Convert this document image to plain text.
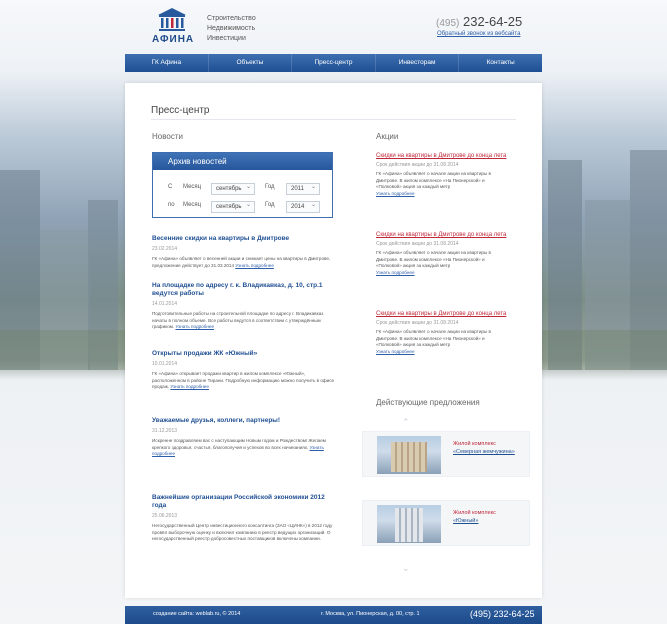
АФИНА
Строительство
Недвижимость
Инвестиции
(495) 232-64-25
Обратный звонок из вебсайта
ГК Афина	Объекты	Пресс-центр	Инвесторам	Контакты
Пресс-центр
Новости	Акции
Архив новостей
С Месяц	сентябрь ⌄	Год	2011 ⌄
по Месяц	сентябрь ⌄	Год	2014 ⌄
Весенние скидки на квартиры в Дмитрове
23.02.2014
ГК «Афина» объявляет о весенней акции и снижает цены на квартиры в Дмитрове, предложение действует до 31.03.2014 Узнать подробнее
На площадке по адресу г. к. Владикавказ, д. 10, стр.1 ведутся работы
14.01.2014
Подготовительные работы на строительной площадке по адресу г. Владикавказ начаты в полном объеме. Все работы ведутся в соответствии с утверждённым графиком. Узнать подробнее
Открыты продажи ЖК «Южный»
10.01.2014
ГК «Афина» открывает продажи квартир в жилом комплексе «Южный», расположенном в районе Тирани. Подробную информацию можно получить в офисе продаж. Узнать подробнее
Уважаемые друзья, коллеги, партнеры!
31.12.2013
Искренне поздравляем вас с наступающим Новым годом и Рождеством! Желаем крепкого здоровья, счастья, благополучия и успехов во всех начинаниях. Узнать подробнее
Важнейшие организации Российской экономики 2012 года
25.06.2013
Негосударственный Центр инвестиционного консалтинга (ЗАО «ЦИНК») в 2012 году провёл выборочную оценку и включил компанию в реестр ведущих организаций. О негосударственный реестр добросовестных поставщиков включены компании.
Скидки на квартиры в Дмитрове до конца лета
Срок действия акции до 31.08.2014
ГК «Афина» объявляет о начале акции на квартиры в Дмитрове. В жилом комплексе «На Пионерской» и «Полковой» акция за каждый метр
Узнать подробнее
Скидки на квартиры в Дмитрове до конца лета
Срок действия акции до 31.08.2014
ГК «Афина» объявляет о начале акции на квартиры в Дмитрове. В жилом комплексе «На Пионерской» и «Полковой» акция за каждый метр
Узнать подробнее
Скидки на квартиры в Дмитрове до конца лета
Срок действия акции до 31.08.2014
ГК «Афина» объявляет о начале акции на квартиры в Дмитрове. В жилом комплексе «На Пионерской» и «Полковой» акция за каждый метр
Узнать подробнее
Действующие предложения
⌃
Жилой комплекс
«Северная жемчужина»
Жилой комплекс
«Южный»
⌄
создание сайта: weblab.ru, © 2014	г. Москва, ул. Пионерская, д. 00, стр. 1	(495) 232-64-25
